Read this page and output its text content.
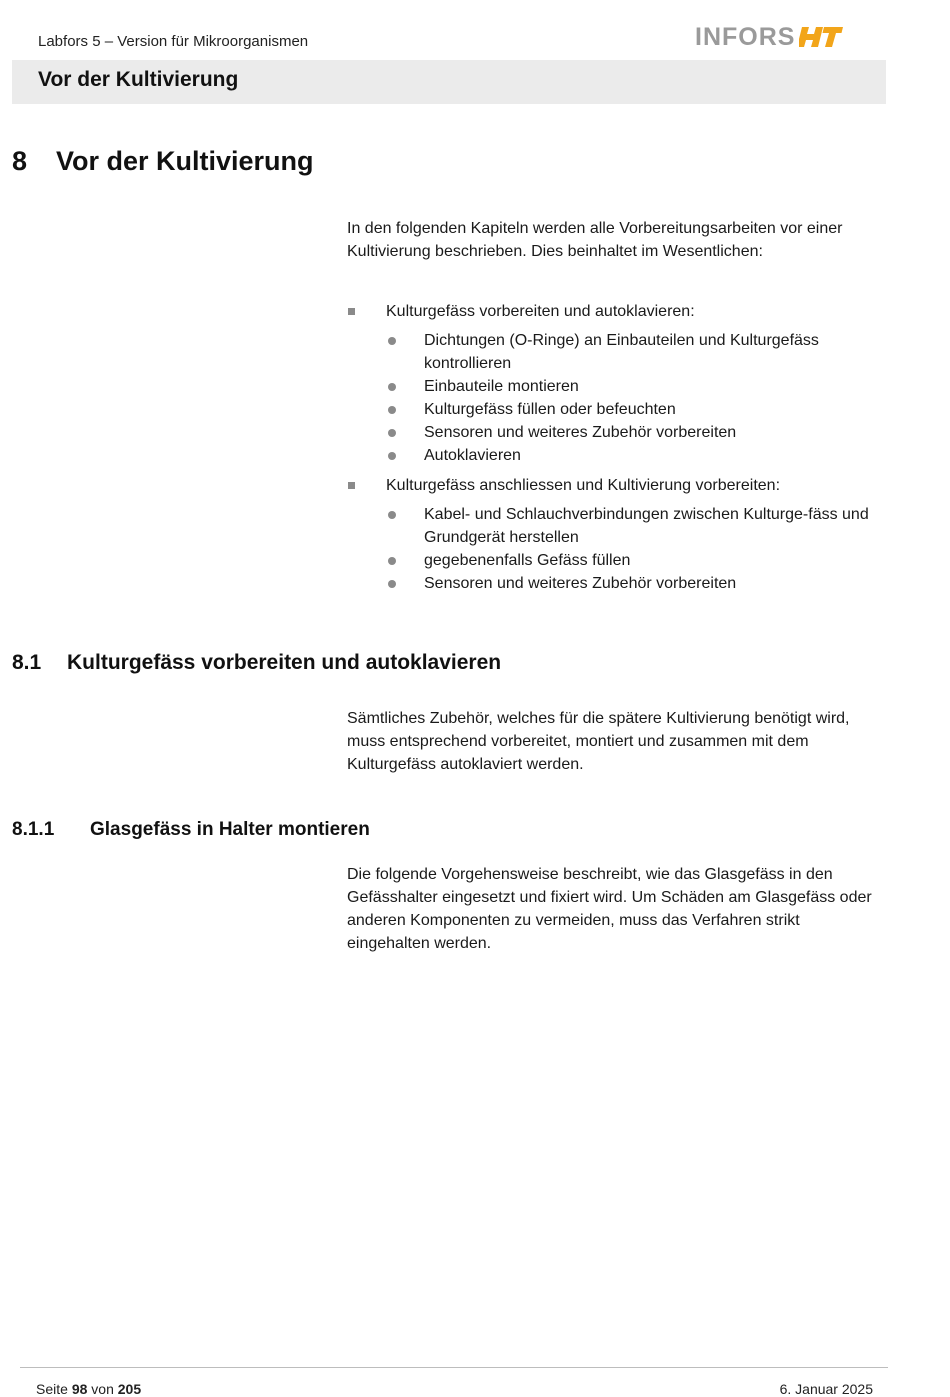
Labfors 5 – Version für Mikroorganismen	INFORS
Vor der Kultivierung
8 Vor der Kultivierung
In den folgenden Kapiteln werden alle Vorbereitungsarbeiten vor einer Kultivierung beschrieben. Dies beinhaltet im Wesentlichen:
Kulturgefäss vorbereiten und autoklavieren:
Dichtungen (O-Ringe) an Einbauteilen und Kulturgefäss kontrollieren
Einbauteile montieren
Kulturgefäss füllen oder befeuchten
Sensoren und weiteres Zubehör vorbereiten
Autoklavieren
Kulturgefäss anschliessen und Kultivierung vorbereiten:
Kabel- und Schlauchverbindungen zwischen Kulturge-fäss und Grundgerät herstellen
gegebenenfalls Gefäss füllen
Sensoren und weiteres Zubehör vorbereiten
8.1 Kulturgefäss vorbereiten und autoklavieren
Sämtliches Zubehör, welches für die spätere Kultivierung benötigt wird, muss entsprechend vorbereitet, montiert und zusammen mit dem Kulturgefäss autoklaviert werden.
8.1.1 Glasgefäss in Halter montieren
Die folgende Vorgehensweise beschreibt, wie das Glasgefäss in den Gefässhalter eingesetzt und fixiert wird. Um Schäden am Glasgefäss oder anderen Komponenten zu vermeiden, muss das Verfahren strikt eingehalten werden.
Seite 98 von 205	6. Januar 2025
